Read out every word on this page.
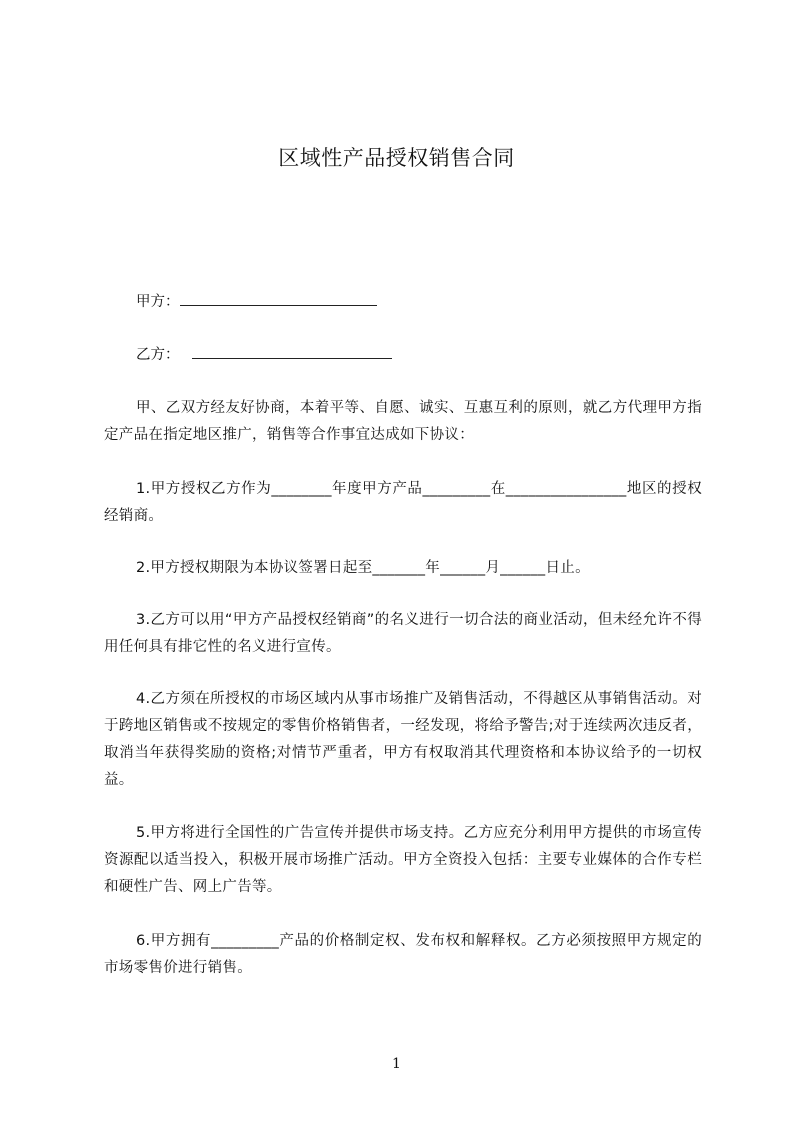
区域性产品授权销售合同
甲方：
乙方：

甲、乙双方经友好协商，本着平等、自愿、诚实、互惠互利的原则，就乙方代理甲方指定产品在指定地区推广，销售等合作事宜达成如下协议：

1.甲方授权乙方作为________年度甲方产品_________在________________地区的授权经销商。

2.甲方授权期限为本协议签署日起至_______年______月______日止。

3.乙方可以用“甲方产品授权经销商”的名义进行一切合法的商业活动，但未经允许不得用任何具有排它性的名义进行宣传。

4.乙方须在所授权的市场区域内从事市场推广及销售活动，不得越区从事销售活动。对于跨地区销售或不按规定的零售价格销售者，一经发现，将给予警告;对于连续两次违反者，取消当年获得奖励的资格;对情节严重者，甲方有权取消其代理资格和本协议给予的一切权益。

5.甲方将进行全国性的广告宣传并提供市场支持。乙方应充分利用甲方提供的市场宣传资源配以适当投入，积极开展市场推广活动。甲方全资投入包括：主要专业媒体的合作专栏和硬性广告、网上广告等。

6.甲方拥有_________产品的价格制定权、发布权和解释权。乙方必须按照甲方规定的市场零售价进行销售。

1
